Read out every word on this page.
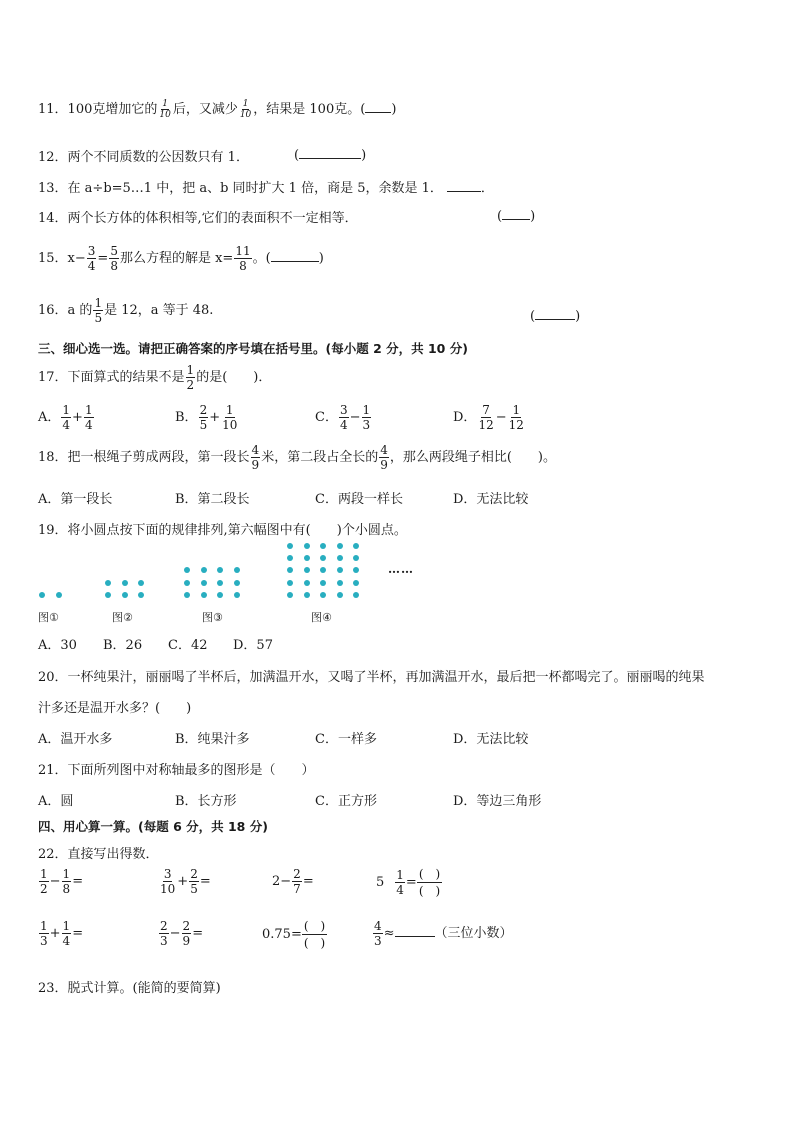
11．100克增加它的 $\frac{1}{10}$ 后，又减少 $\frac{1}{10}$ ，结果是 100克。( )
12．两个不同质数的公因数只有 1．	(	)
13．在 a÷b=5…1 中，把 a、b 同时扩大 1 倍，商是 5，余数是 1．	．
14．两个长方体的体积相等,它们的表面积不一定相等．	( )
15．$x- \frac{3}{4} = \frac{5}{8}$ 那么方程的解是 $x= \frac{11}{8}$ 。(	)
16．a 的 $\frac{1}{5}$ 是 12，a 等于 48.	(	)
三、细心选一选。请把正确答案的序号填在括号里。(每小题 2 分，共 10 分)
17．下面算式的结果不是 $\frac{1}{2}$ 的是(　　)．
A． $\frac{1}{4} + \frac{1}{4}$	B． $\frac{2}{5} + \frac{1}{10}$	C． $\frac{3}{4} - \frac{1}{3}$	D． $\frac{7}{12} - \frac{1}{12}$
18．把一根绳子剪成两段，第一段长 $\frac{4}{9}$ 米，第二段占全长的 $\frac{4}{9}$ ，那么两段绳子相比(　　)。
A．第一段长	B．第二段长	C．两段一样长	D．无法比较
19．将小圆点按下面的规律排列,第六幅图中有(　　)个小圆点。
……
图①	图②	图③	图④
A．30 B．26 C．42 D．57
20．一杯纯果汁，丽丽喝了半杯后，加满温开水，又喝了半杯，再加满温开水，最后把一杯都喝完了。丽丽喝的纯果
汁多还是温开水多？(　　)
A．温开水多	B．纯果汁多	C．一样多	D．无法比较
21．下面所列图中对称轴最多的图形是（　　）
A．圆	B．长方形	C．正方形	D．等边三角形
四、用心算一算。(每题 6 分，共 18 分)
22．直接写出得数．
$\frac{1}{2} - \frac{1}{8}$ =	$\frac{3}{10} + \frac{2}{5}$ =	$2- \frac{2}{7}$ =	$5 \frac{1}{4} = \frac{( )}{( )}$
$\frac{1}{3} + \frac{1}{4}$ =	$\frac{2}{3} - \frac{2}{9}$ =	$0.75= \frac{( )}{( )}$	$\frac{4}{3}$ ≈	（三位小数）
23．脱式计算。(能简的要简算)
